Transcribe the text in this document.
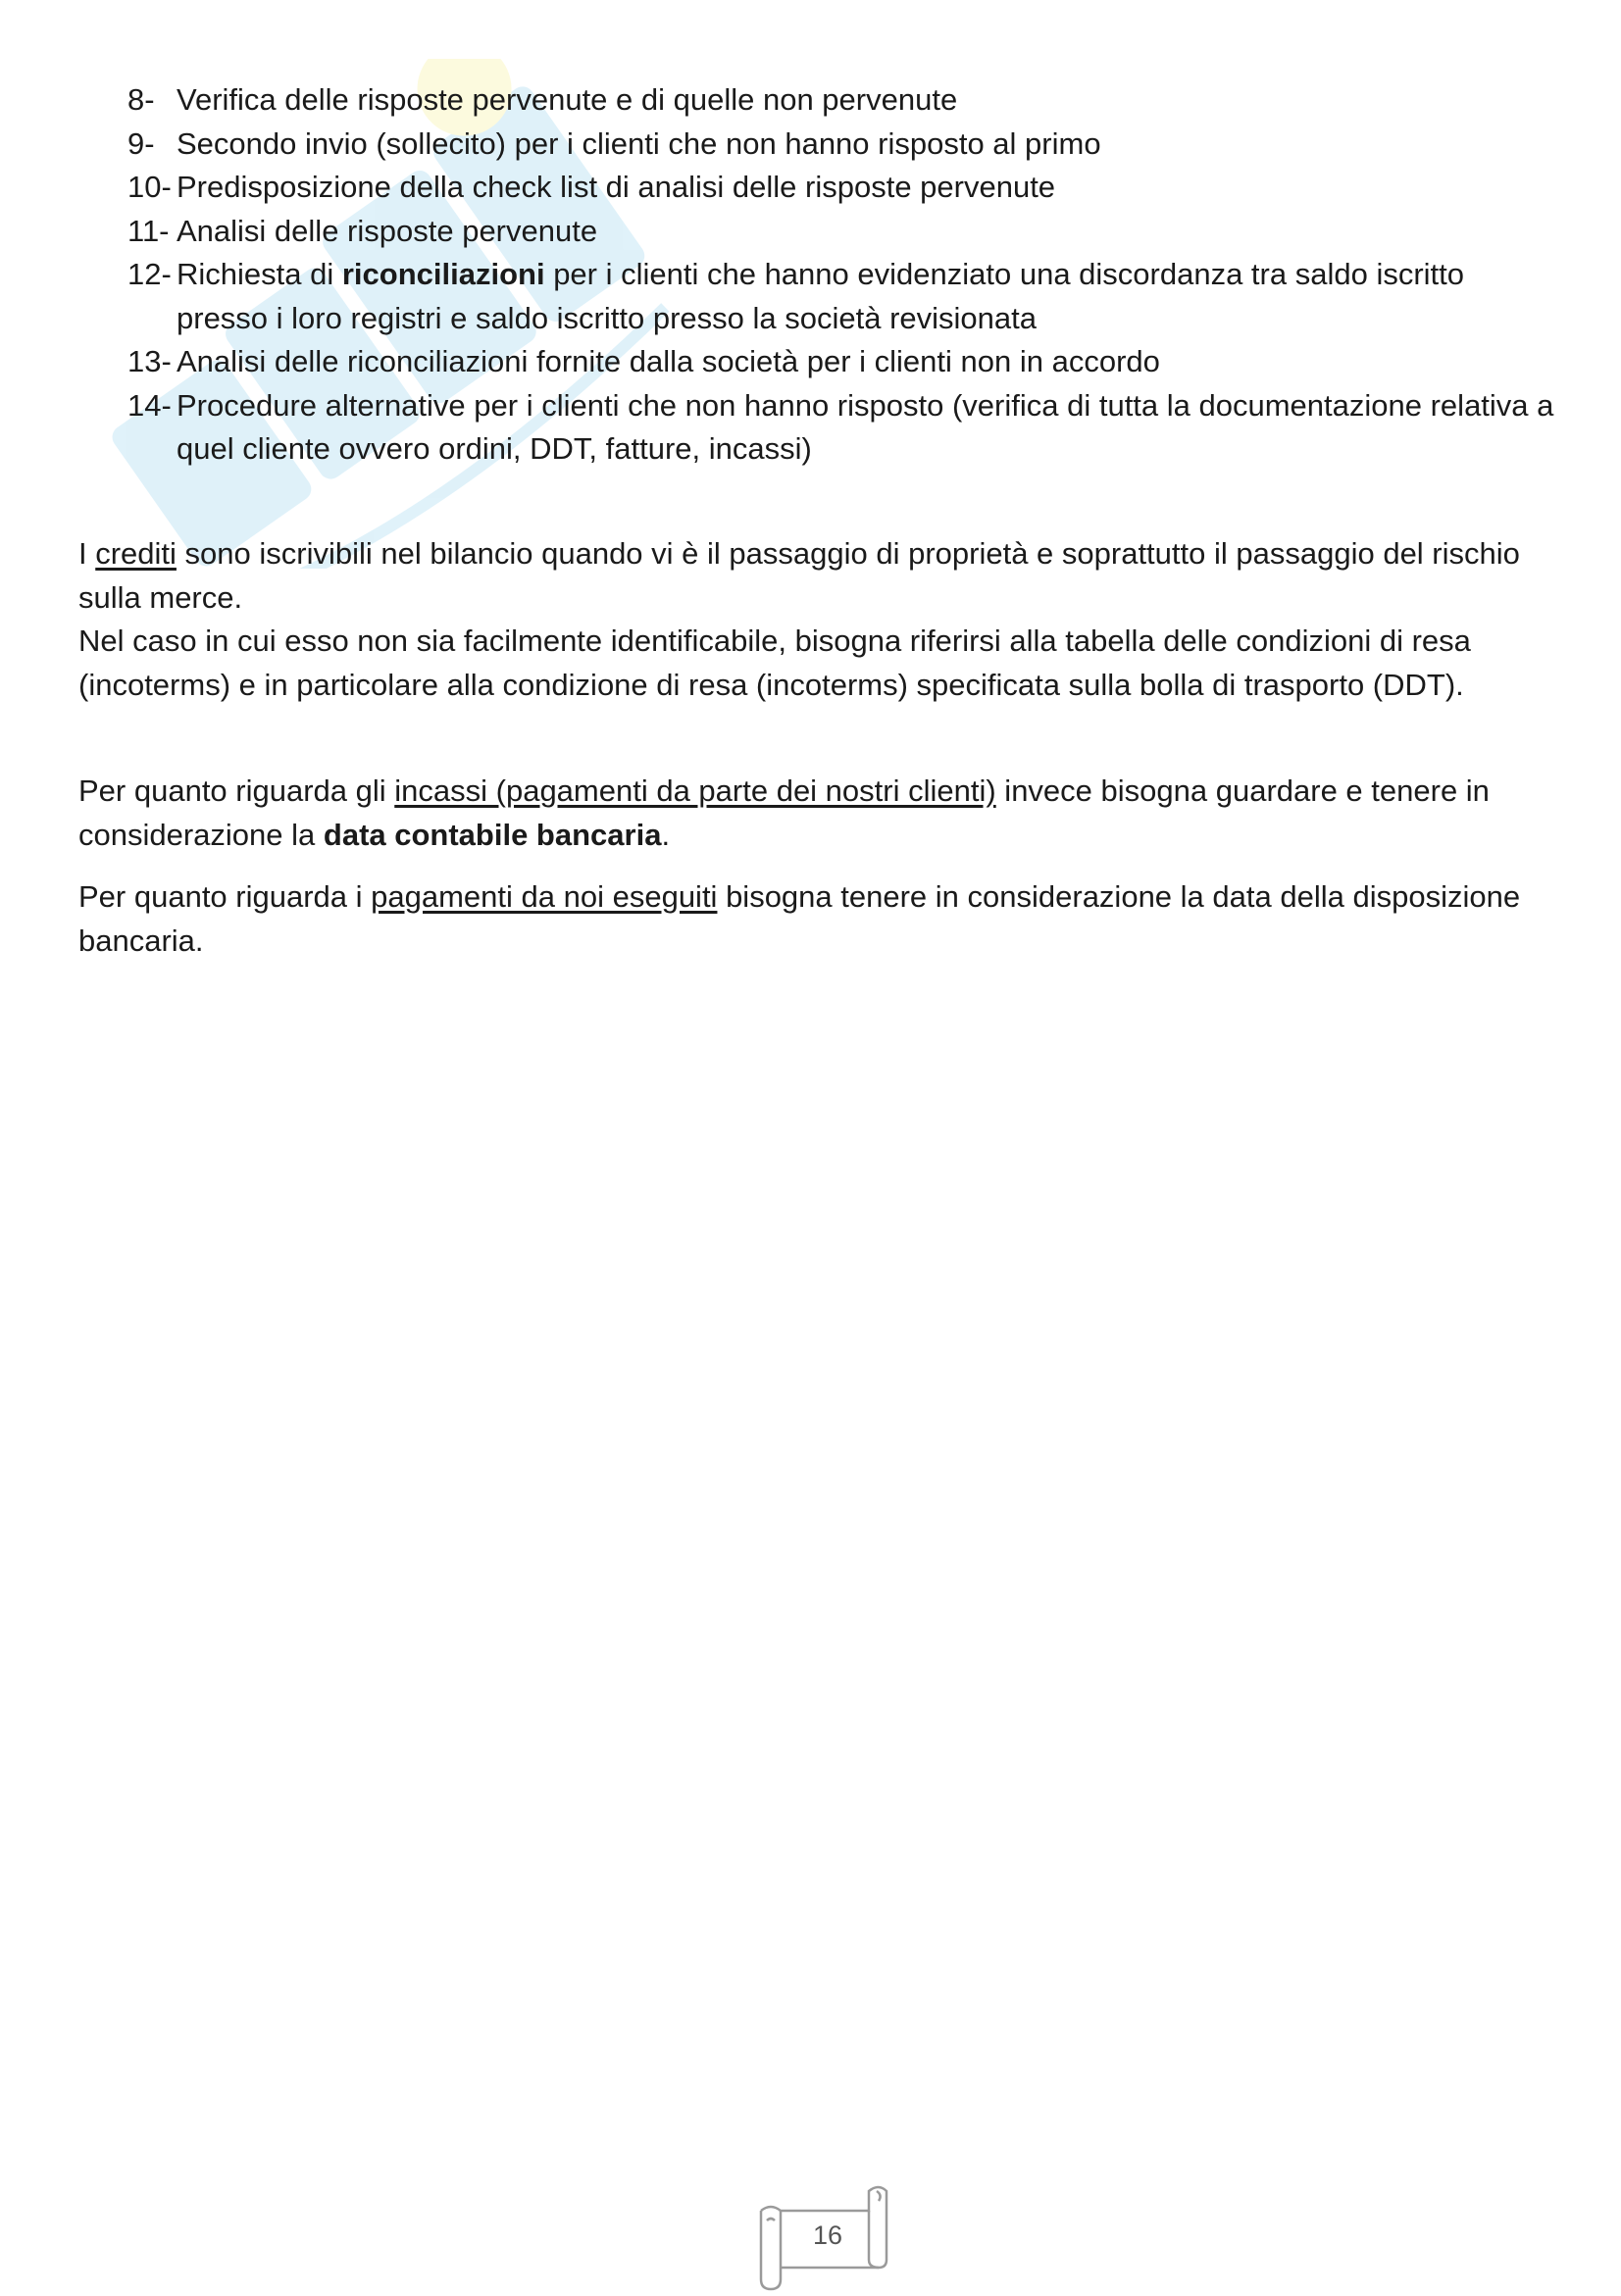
8- Verifica delle risposte pervenute e di quelle non pervenute
9- Secondo invio (sollecito) per i clienti che non hanno risposto al primo
10- Predisposizione della check list di analisi delle risposte pervenute
11- Analisi delle risposte pervenute
12- Richiesta di riconciliazioni per i clienti che hanno evidenziato una discordanza tra saldo iscritto presso i loro registri e saldo iscritto presso la società revisionata
13- Analisi delle riconciliazioni fornite dalla società per i clienti non in accordo
14- Procedure alternative per i clienti che non hanno risposto (verifica di tutta la documentazione relativa a quel cliente ovvero ordini, DDT, fatture, incassi)

I crediti sono iscrivibili nel bilancio quando vi è il passaggio di proprietà e soprattutto il passaggio del rischio sulla merce.
Nel caso in cui esso non sia facilmente identificabile, bisogna riferirsi alla tabella delle condizioni di resa (incoterms) e in particolare alla condizione di resa (incoterms) specificata sulla bolla di trasporto (DDT).

Per quanto riguarda gli incassi (pagamenti da parte dei nostri clienti) invece bisogna guardare e tenere in considerazione la data contabile bancaria.

Per quanto riguarda i pagamenti da noi eseguiti bisogna tenere in considerazione la data della disposizione bancaria.

16
